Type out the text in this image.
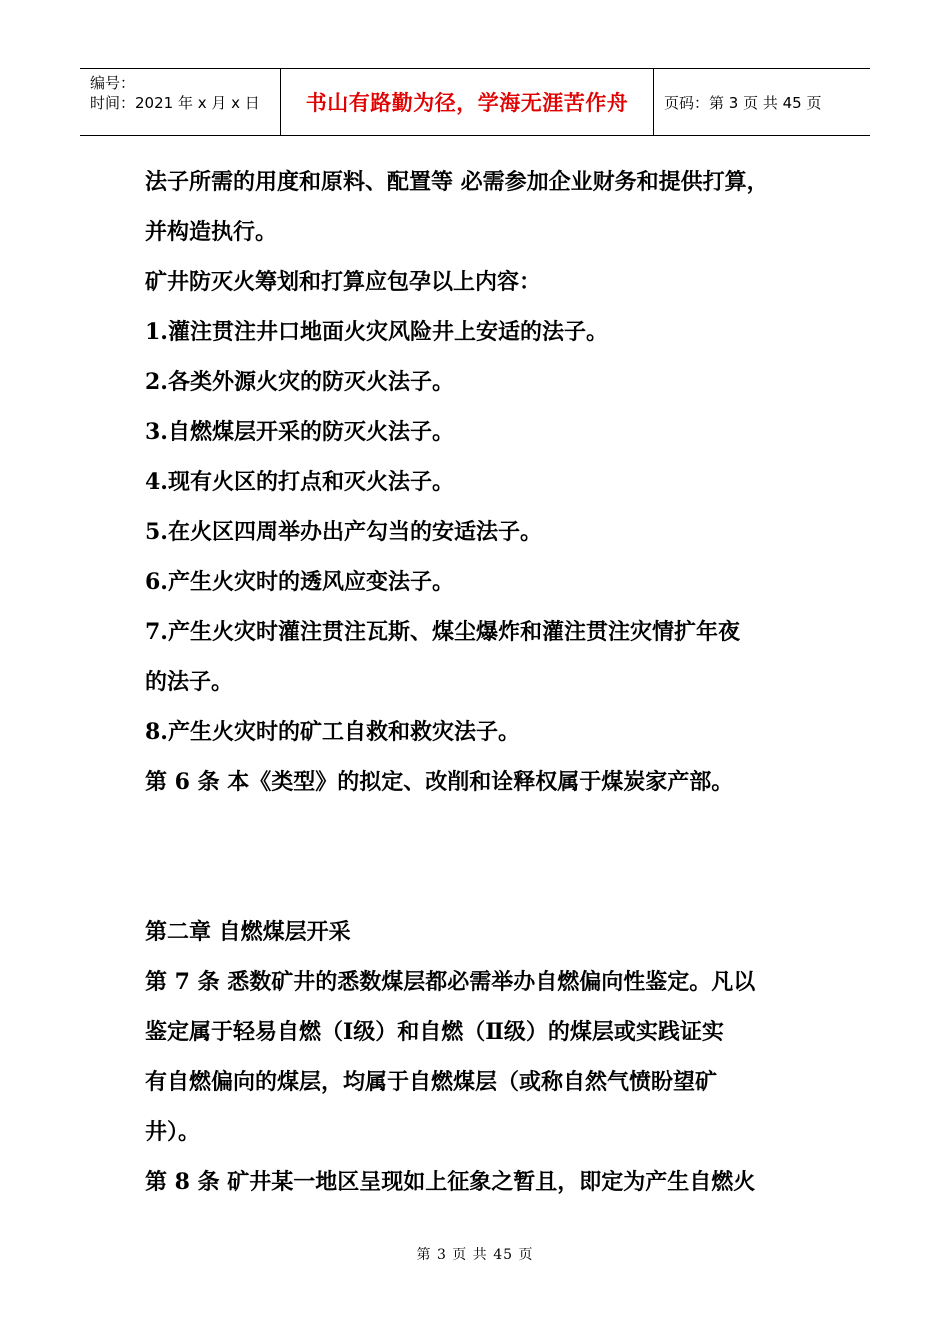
编号：
时间：2021 年 x 月 x 日	书山有路勤为径，学海无涯苦作舟	页码：第 3 页 共 45 页
法子所需的用度和原料、配置等 必需参加企业财务和提供打算，
并构造执行。
矿井防灭火筹划和打算应包孕以上内容：
1.灌注贯注井口地面火灾风险井上安适的法子。
2.各类外源火灾的防灭火法子。
3.自燃煤层开采的防灭火法子。
4.现有火区的打点和灭火法子。
5.在火区四周举办出产勾当的安适法子。
6.产生火灾时的透风应变法子。
7.产生火灾时灌注贯注瓦斯、煤尘爆炸和灌注贯注灾情扩年夜
的法子。
8.产生火灾时的矿工自救和救灾法子。
第 6 条 本《类型》的拟定、改削和诠释权属于煤炭家产部。
第二章 自燃煤层开采
第 7 条 悉数矿井的悉数煤层都必需举办自燃偏向性鉴定。凡以
鉴定属于轻易自燃（Ⅰ级）和自燃（Ⅱ级）的煤层或实践证实
有自燃偏向的煤层，均属于自燃煤层（或称自然气愤盼望矿
井）。
第 8 条 矿井某一地区呈现如上征象之暂且，即定为产生自燃火
第 3 页 共 45 页
